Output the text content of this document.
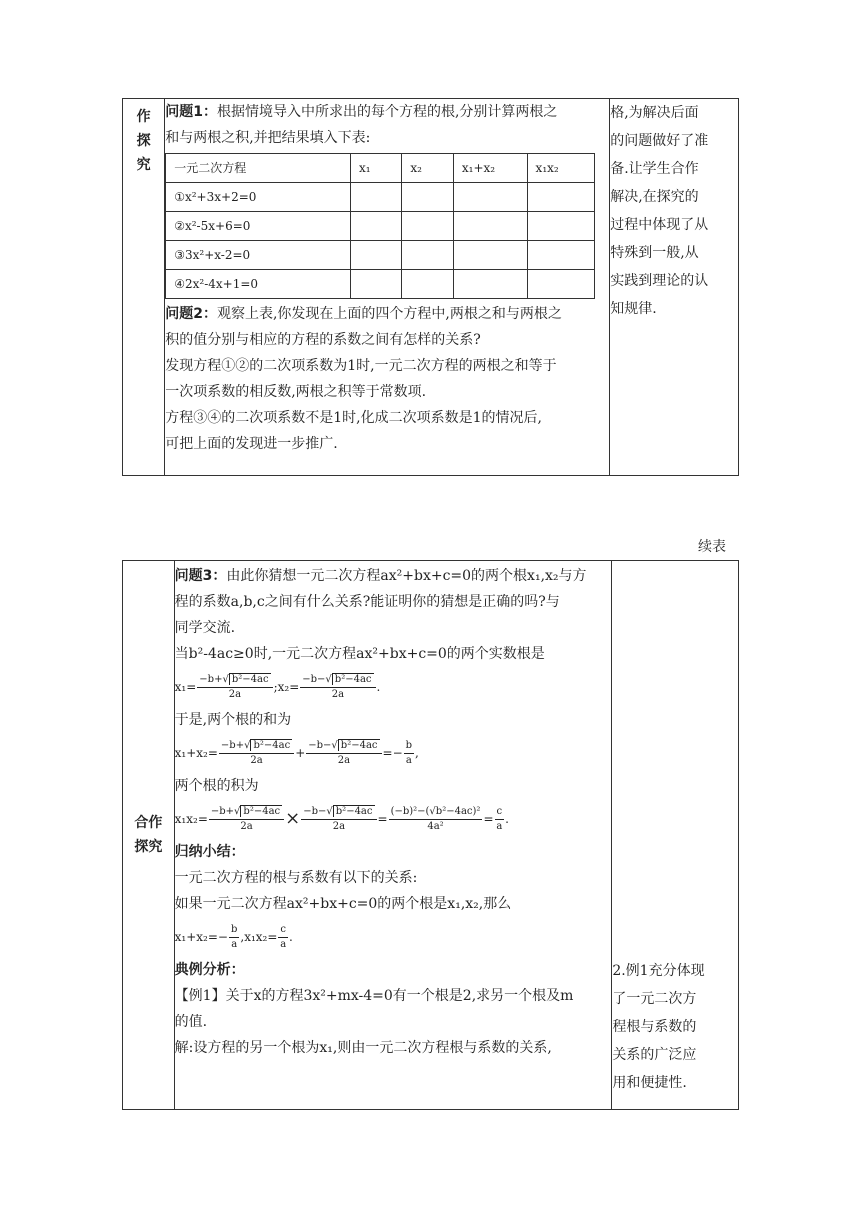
作
探
究

问题1：根据情境导入中所求出的每个方程的根,分别计算两根之
和与两根之积,并把结果填入下表:
一元二次方程	x₁	x₂	x₁+x₂	x₁x₂
①x²+3x+2=0				
②x²-5x+6=0				
③3x²+x-2=0				
④2x²-4x+1=0				
问题2：观察上表,你发现在上面的四个方程中,两根之和与两根之
积的值分别与相应的方程的系数之间有怎样的关系?
发现方程①②的二次项系数为1时,一元二次方程的两根之和等于
一次项系数的相反数,两根之积等于常数项.
方程③④的二次项系数不是1时,化成二次项系数是1的情况后,
可把上面的发现进一步推广.

格,为解决后面
的问题做好了准
备.让学生合作
解决,在探究的
过程中体现了从
特殊到一般,从
实践到理论的认
知规律.
续表
合作
探究

问题3：由此你猜想一元二次方程ax²+bx+c=0的两个根x₁,x₂与方
程的系数a,b,c之间有什么关系?能证明你的猜想是正确的吗?与
同学交流.
当b²-4ac≥0时,一元二次方程ax²+bx+c=0的两个实数根是
$x_1= \frac{\text{−b+√ b²−4ac}}{2a}$ ; $x_2= \frac{\text{−b−√ b²−4ac}}{2a}$ .
于是,两个根的和为
$x_1+x_2= \frac{\text{−b+√ b²−4ac}}{2a} + \frac{\text{−b−√ b²−4ac}}{2a} =- \frac{b}{a}$ ,
两个根的积为
$x_1x_2= \frac{\text{−b+√ b²−4ac}}{2a} \times \frac{\text{−b−√ b²−4ac}}{2a} = \frac{\text{(−b)²−(√b²−4ac)²}}{\text{4a²}} = \frac{c}{a}$ .
归纳小结：
一元二次方程的根与系数有以下的关系:
如果一元二次方程ax²+bx+c=0的两个根是x₁,x₂,那么
$x_1+x_2=- \frac{b}{a} ,x_1x_2= \frac{c}{a}$ .
典例分析：
【例1】关于x的方程3x²+mx-4=0有一个根是2,求另一个根及m
的值.
解:设方程的另一个根为x₁,则由一元二次方程根与系数的关系,

2.例1充分体现
了一元二次方
程根与系数的
关系的广泛应
用和便捷性.
